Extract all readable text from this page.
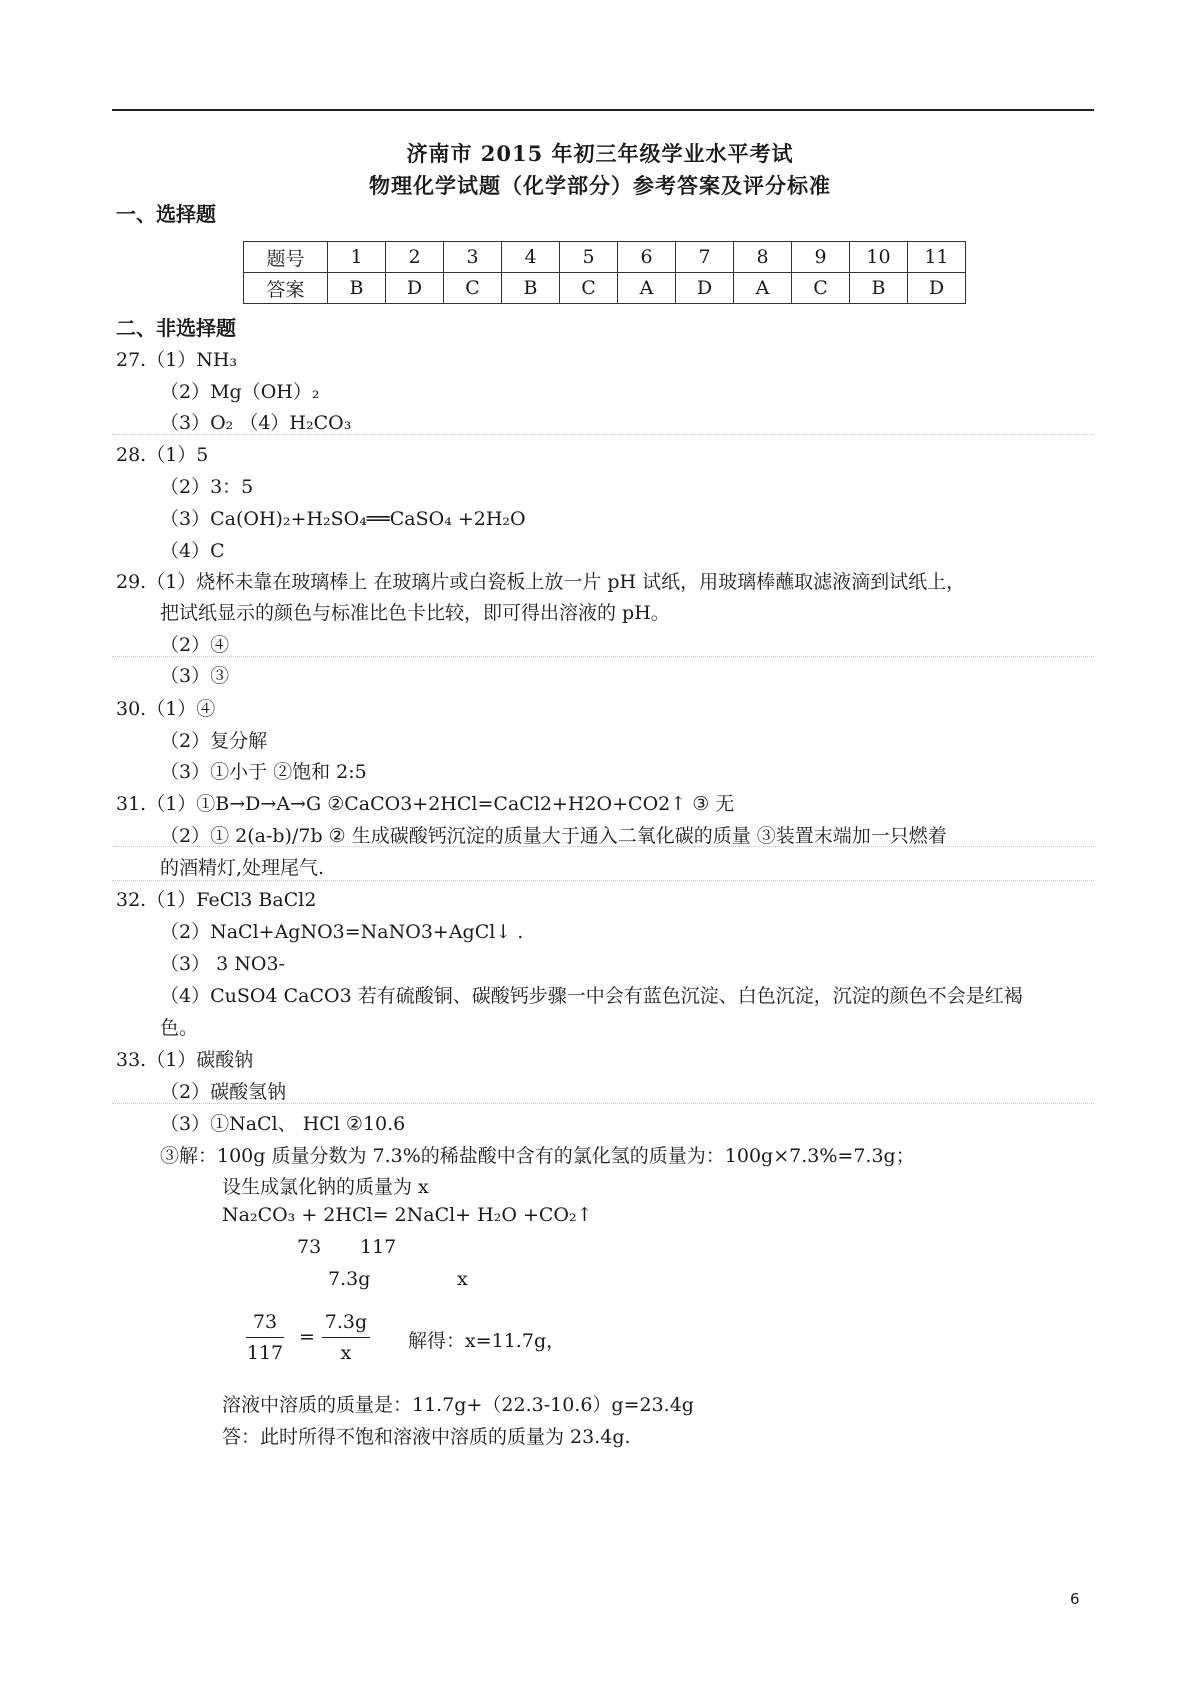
济南市 2015 年初三年级学业水平考试
物理化学试题（化学部分）参考答案及评分标准
一、选择题
题号	1	2	3	4	5	6	7	8	9	10	11
答案	B	D	C	B	C	A	D	A	C	B	D
二、非选择题
27.（1）NH₃
（2）Mg（OH）₂
（3）O₂ （4）H₂CO₃
28.（1）5
（2）3：5
（3）Ca(OH)₂+H₂SO₄══CaSO₄ +2H₂O
（4）C
29.（1）烧杯未靠在玻璃棒上 在玻璃片或白瓷板上放一片 pH 试纸，用玻璃棒蘸取滤液滴到试纸上，
把试纸显示的颜色与标准比色卡比较，即可得出溶液的 pH。
（2）④
（3）③
30.（1）④
（2）复分解
（3）①小于 ②饱和 2:5
31.（1）①B→D→A→G ②CaCO3+2HCl=CaCl2+H2O+CO2↑ ③ 无
（2）① 2(a-b)/7b ② 生成碳酸钙沉淀的质量大于通入二氧化碳的质量 ③装置末端加一只燃着
的酒精灯,处理尾气.
32.（1）FeCl3 BaCl2
（2）NaCl+AgNO3=NaNO3+AgCl↓ .
（3） 3 NO3-
（4）CuSO4 CaCO3 若有硫酸铜、碳酸钙步骤一中会有蓝色沉淀、白色沉淀，沉淀的颜色不会是红褐
色。
33.（1）碳酸钠
（2）碳酸氢钠
（3）①NaCl、 HCl ②10.6
③解：100g 质量分数为 7.3%的稀盐酸中含有的氯化氢的质量为：100g×7.3%=7.3g；
设生成氯化钠的质量为 x
Na₂CO₃ + 2HCl= 2NaCl+ H₂O +CO₂↑
73 117
7.3g	x
73
117
=
7.3g
x
解得：x=11.7g，
溶液中溶质的质量是：11.7g+（22.3-10.6）g=23.4g
答：此时所得不饱和溶液中溶质的质量为 23.4g.
6
